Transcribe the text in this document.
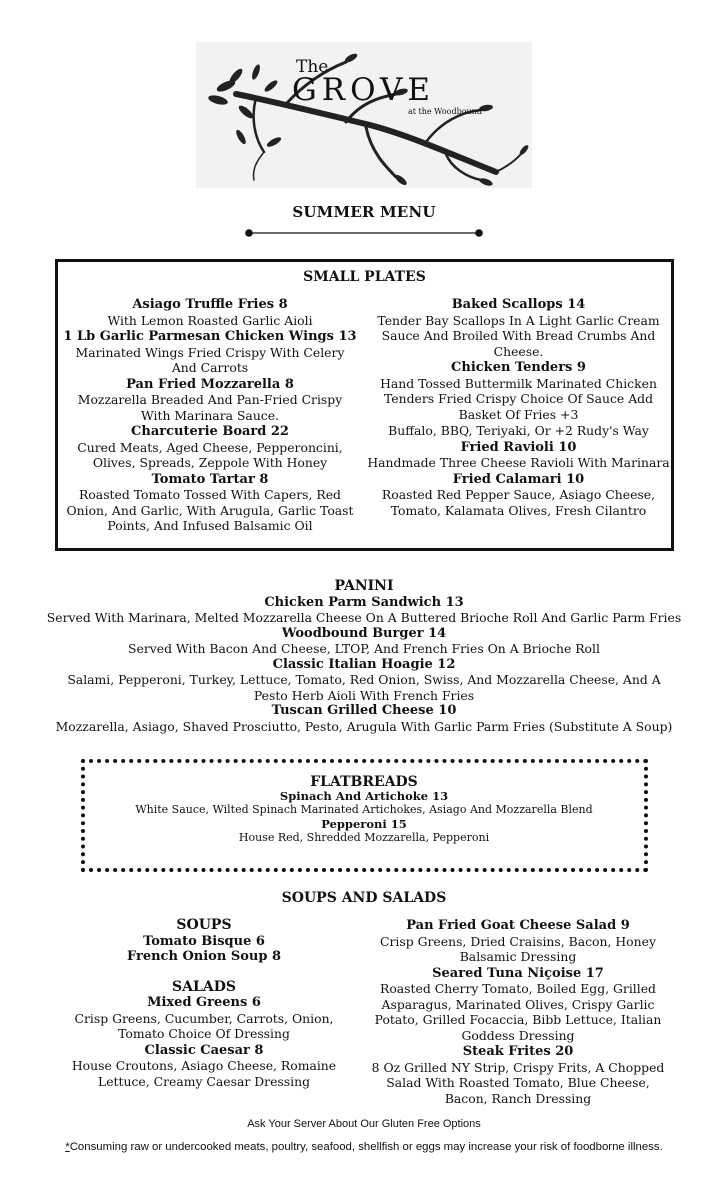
The
GROVE
at the Woodbound
SUMMER MENU
SMALL PLATES
Asiago Truffle Fries 8
With Lemon Roasted Garlic Aioli
1 Lb Garlic Parmesan Chicken Wings 13
Marinated Wings Fried Crispy With Celery And Carrots
Pan Fried Mozzarella 8
Mozzarella Breaded And Pan-Fried Crispy With Marinara Sauce.
Charcuterie Board 22
Cured Meats, Aged Cheese, Pepperoncini, Olives, Spreads, Zeppole With Honey
Tomato Tartar 8
Roasted Tomato Tossed With Capers, Red Onion, And Garlic, With Arugula, Garlic Toast Points, And Infused Balsamic Oil
Baked Scallops 14
Tender Bay Scallops In A Light Garlic Cream Sauce And Broiled With Bread Crumbs And Cheese.
Chicken Tenders 9
Hand Tossed Buttermilk Marinated Chicken Tenders Fried Crispy Choice Of Sauce Add Basket Of Fries +3
Buffalo, BBQ, Teriyaki, Or +2 Rudy's Way
Fried Ravioli 10
Handmade Three Cheese Ravioli With Marinara
Fried Calamari 10
Roasted Red Pepper Sauce, Asiago Cheese, Tomato, Kalamata Olives, Fresh Cilantro
PANINI
Chicken Parm Sandwich 13
Served With Marinara, Melted Mozzarella Cheese On A Buttered Brioche Roll And Garlic Parm Fries
Woodbound Burger 14
Served With Bacon And Cheese, LTOP, And French Fries On A Brioche Roll
Classic Italian Hoagie 12
Salami, Pepperoni, Turkey, Lettuce, Tomato, Red Onion, Swiss, And Mozzarella Cheese, And A Pesto Herb Aioli With French Fries
Tuscan Grilled Cheese 10
Mozzarella, Asiago, Shaved Prosciutto, Pesto, Arugula With Garlic Parm Fries (Substitute A Soup)
FLATBREADS
Spinach And Artichoke 13
White Sauce, Wilted Spinach Marinated Artichokes, Asiago And Mozzarella Blend
Pepperoni 15
House Red, Shredded Mozzarella, Pepperoni
SOUPS AND SALADS
SOUPS
Tomato Bisque 6
French Onion Soup 8
SALADS
Mixed Greens 6
Crisp Greens, Cucumber, Carrots, Onion, Tomato Choice Of Dressing
Classic Caesar 8
House Croutons, Asiago Cheese, Romaine Lettuce, Creamy Caesar Dressing
Pan Fried Goat Cheese Salad 9
Crisp Greens, Dried Craisins, Bacon, Honey Balsamic Dressing
Seared Tuna Niçoise 17
Roasted Cherry Tomato, Boiled Egg, Grilled Asparagus, Marinated Olives, Crispy Garlic Potato, Grilled Focaccia, Bibb Lettuce, Italian Goddess Dressing
Steak Frites 20
8 Oz Grilled NY Strip, Crispy Frits, A Chopped Salad With Roasted Tomato, Blue Cheese, Bacon, Ranch Dressing
Ask Your Server About Our Gluten Free Options
*Consuming raw or undercooked meats, poultry, seafood, shellfish or eggs may increase your risk of foodborne illness.
